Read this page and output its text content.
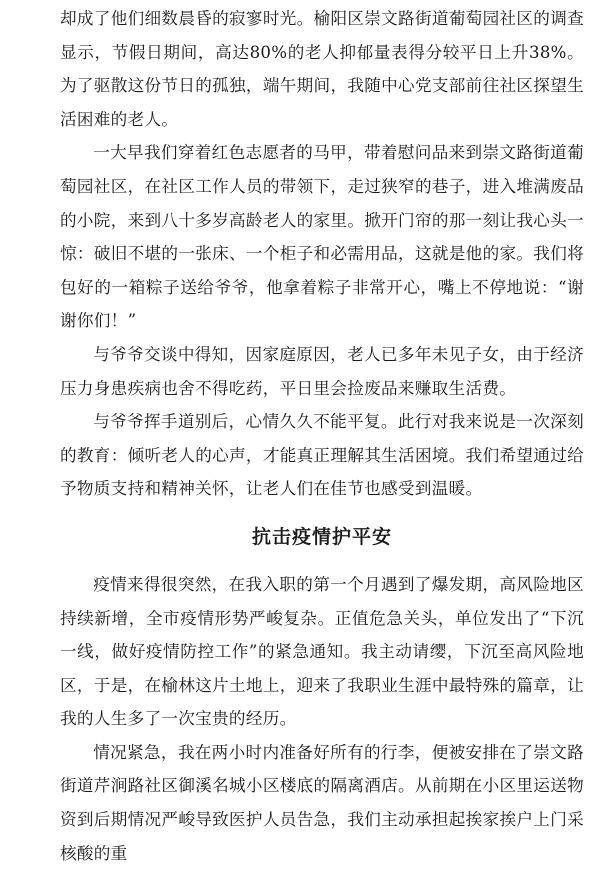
却成了他们细数晨昏的寂寥时光。榆阳区崇文路街道葡萄园社区的调查显示，节假日期间，高达80%的老人抑郁量表得分较平日上升38%。为了驱散这份节日的孤独，端午期间，我随中心党支部前往社区探望生活困难的老人。

一大早我们穿着红色志愿者的马甲，带着慰问品来到崇文路街道葡萄园社区，在社区工作人员的带领下，走过狭窄的巷子，进入堆满废品的小院，来到八十多岁高龄老人的家里。掀开门帘的那一刻让我心头一惊：破旧不堪的一张床、一个柜子和必需用品，这就是他的家。我们将包好的一箱粽子送给爷爷，他拿着粽子非常开心，嘴上不停地说：“谢谢你们！”

与爷爷交谈中得知，因家庭原因，老人已多年未见子女，由于经济压力身患疾病也舍不得吃药，平日里会捡废品来赚取生活费。

与爷爷挥手道别后，心情久久不能平复。此行对我来说是一次深刻的教育：倾听老人的心声，才能真正理解其生活困境。我们希望通过给予物质支持和精神关怀，让老人们在佳节也感受到温暖。

抗击疫情护平安

疫情来得很突然，在我入职的第一个月遇到了爆发期，高风险地区持续新增，全市疫情形势严峻复杂。正值危急关头，单位发出了“下沉一线，做好疫情防控工作”的紧急通知。我主动请缨，下沉至高风险地区，于是，在榆林这片土地上，迎来了我职业生涯中最特殊的篇章，让我的人生多了一次宝贵的经历。

情况紧急，我在两小时内准备好所有的行李，便被安排在了崇文路街道芹涧路社区御溪名城小区楼底的隔离酒店。从前期在小区里运送物资到后期情况严峻导致医护人员告急，我们主动承担起挨家挨户上门采核酸的重
